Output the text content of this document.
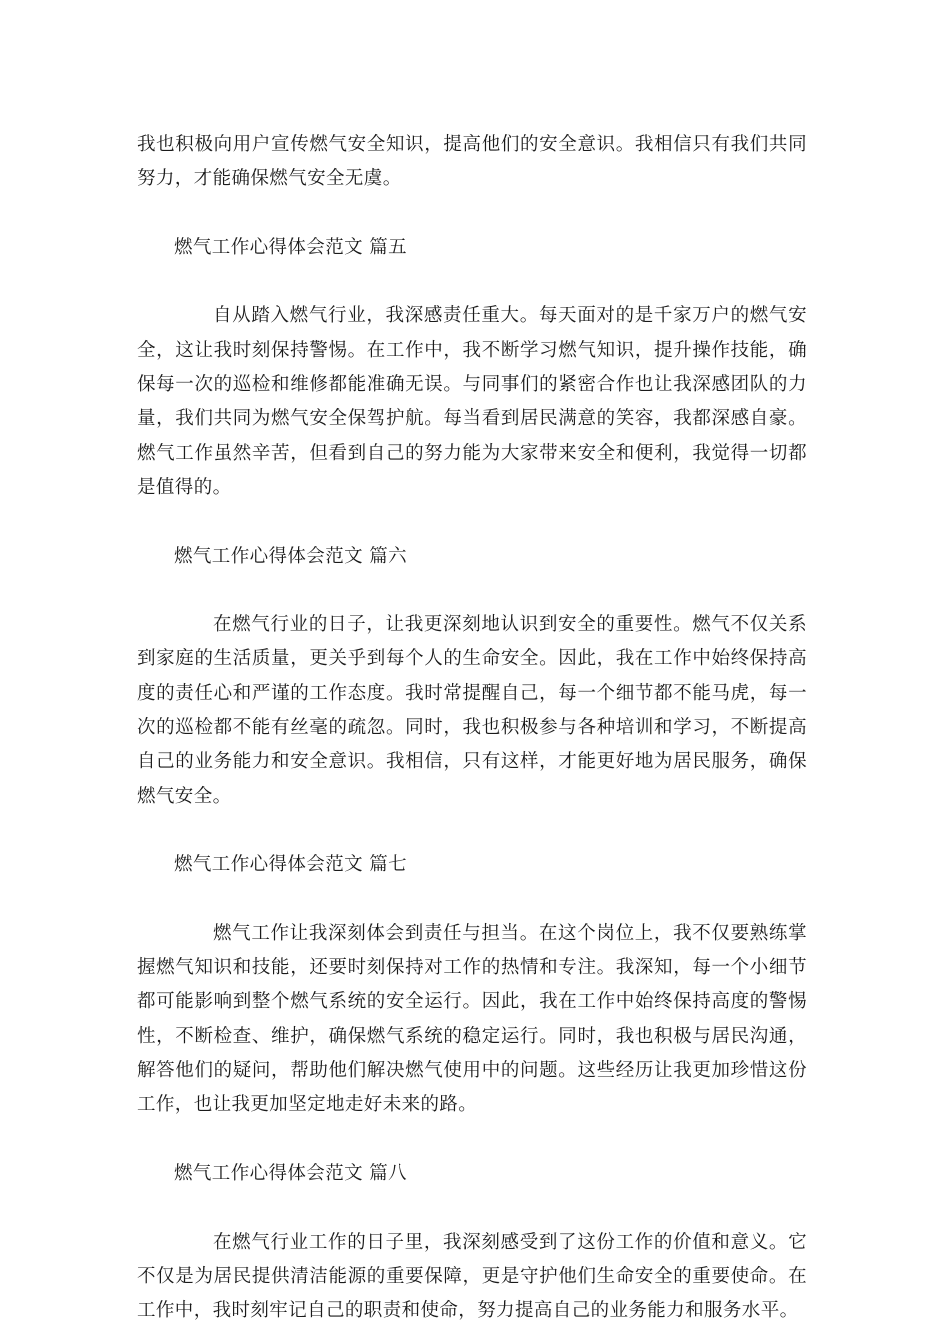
我也积极向用户宣传燃气安全知识，提高他们的安全意识。我相信只有我们共同努力，才能确保燃气安全无虞。

燃气工作心得体会范文 篇五

自从踏入燃气行业，我深感责任重大。每天面对的是千家万户的燃气安全，这让我时刻保持警惕。在工作中，我不断学习燃气知识，提升操作技能，确保每一次的巡检和维修都能准确无误。与同事们的紧密合作也让我深感团队的力量，我们共同为燃气安全保驾护航。每当看到居民满意的笑容，我都深感自豪。燃气工作虽然辛苦，但看到自己的努力能为大家带来安全和便利，我觉得一切都是值得的。

燃气工作心得体会范文 篇六

在燃气行业的日子，让我更深刻地认识到安全的重要性。燃气不仅关系到家庭的生活质量，更关乎到每个人的生命安全。因此，我在工作中始终保持高度的责任心和严谨的工作态度。我时常提醒自己，每一个细节都不能马虎，每一次的巡检都不能有丝毫的疏忽。同时，我也积极参与各种培训和学习，不断提高自己的业务能力和安全意识。我相信，只有这样，才能更好地为居民服务，确保燃气安全。

燃气工作心得体会范文 篇七

燃气工作让我深刻体会到责任与担当。在这个岗位上，我不仅要熟练掌握燃气知识和技能，还要时刻保持对工作的热情和专注。我深知，每一个小细节都可能影响到整个燃气系统的安全运行。因此，我在工作中始终保持高度的警惕性，不断检查、维护，确保燃气系统的稳定运行。同时，我也积极与居民沟通，解答他们的疑问，帮助他们解决燃气使用中的问题。这些经历让我更加珍惜这份工作，也让我更加坚定地走好未来的路。

燃气工作心得体会范文 篇八

在燃气行业工作的日子里，我深刻感受到了这份工作的价值和意义。它不仅是为居民提供清洁能源的重要保障，更是守护他们生命安全的重要使命。在工作中，我时刻牢记自己的职责和使命，努力提高自己的业务能力和服务水平。
